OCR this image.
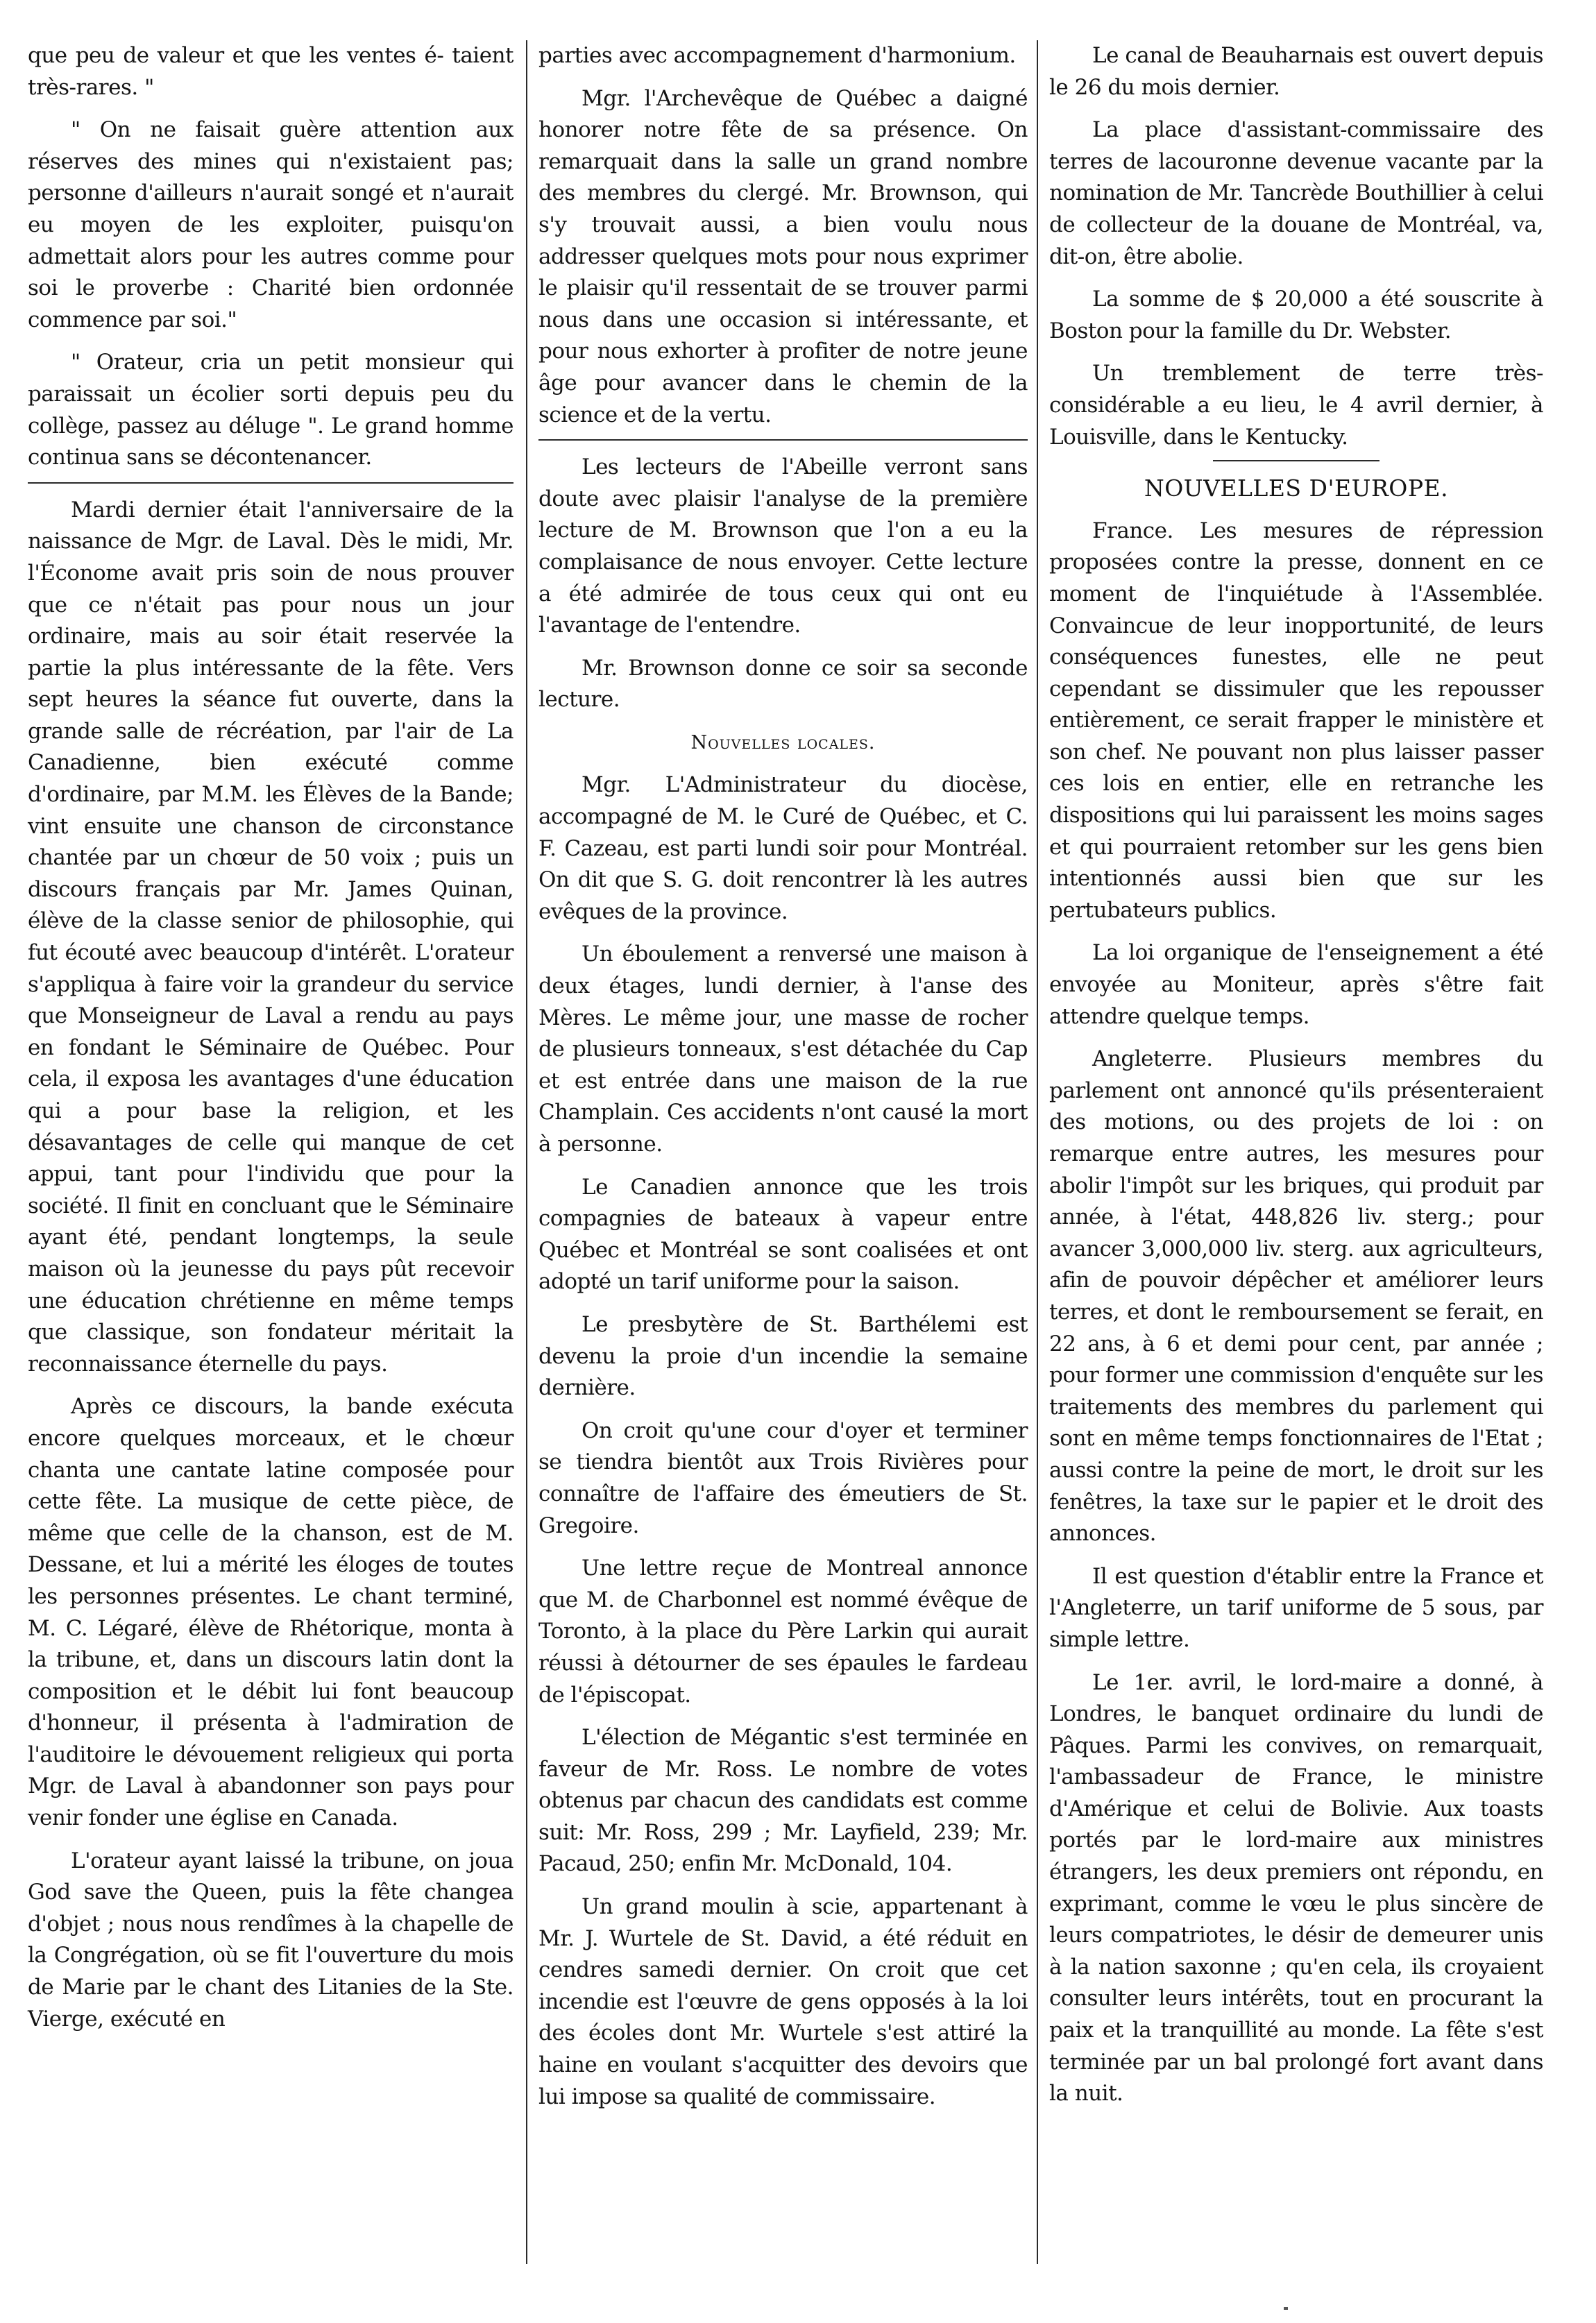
que peu de valeur et que les ventes é- taient très-rares. "

" On ne faisait guère attention aux réserves des mines qui n'existaient pas; personne d'ailleurs n'aurait songé et n'aurait eu moyen de les exploiter, puisqu'on admettait alors pour les autres comme pour soi le proverbe : Charité bien ordonnée commence par soi."

" Orateur, cria un petit monsieur qui paraissait un écolier sorti depuis peu du collège, passez au déluge ". Le grand homme continua sans se décontenancer.

Mardi dernier était l'anniversaire de la naissance de Mgr. de Laval. Dès le midi, Mr. l'Économe avait pris soin de nous prouver que ce n'était pas pour nous un jour ordinaire, mais au soir était reservée la partie la plus intéressante de la fête. Vers sept heures la séance fut ouverte, dans la grande salle de récréation, par l'air de La Canadienne, bien exécuté comme d'ordinaire, par M.M. les Élèves de la Bande; vint ensuite une chanson de circonstance chantée par un chœur de 50 voix ; puis un discours français par Mr. James Quinan, élève de la classe senior de philosophie, qui fut écouté avec beaucoup d'intérêt. L'orateur s'appliqua à faire voir la grandeur du service que Monseigneur de Laval a rendu au pays en fondant le Séminaire de Québec. Pour cela, il exposa les avantages d'une éducation qui a pour base la religion, et les désavantages de celle qui manque de cet appui, tant pour l'individu que pour la société. Il finit en concluant que le Séminaire ayant été, pendant longtemps, la seule maison où la jeunesse du pays pût recevoir une éducation chrétienne en même temps que classique, son fondateur méritait la reconnaissance éternelle du pays.

Après ce discours, la bande exécuta encore quelques morceaux, et le chœur chanta une cantate latine composée pour cette fête. La musique de cette pièce, de même que celle de la chanson, est de M. Dessane, et lui a mérité les éloges de toutes les personnes présentes. Le chant terminé, M. C. Légaré, élève de Rhétorique, monta à la tribune, et, dans un discours latin dont la composition et le débit lui font beaucoup d'honneur, il présenta à l'admiration de l'auditoire le dévouement religieux qui porta Mgr. de Laval à abandonner son pays pour venir fonder une église en Canada.

L'orateur ayant laissé la tribune, on joua God save the Queen, puis la fête changea d'objet ; nous nous rendîmes à la chapelle de la Congrégation, où se fit l'ouverture du mois de Marie par le chant des Litanies de la Ste. Vierge, exécuté en

parties avec accompagnement d'harmonium.

Mgr. l'Archevêque de Québec a daigné honorer notre fête de sa présence. On remarquait dans la salle un grand nombre des membres du clergé. Mr. Brownson, qui s'y trouvait aussi, a bien voulu nous addresser quelques mots pour nous exprimer le plaisir qu'il ressentait de se trouver parmi nous dans une occasion si intéressante, et pour nous exhorter à profiter de notre jeune âge pour avancer dans le chemin de la science et de la vertu.

Les lecteurs de l'Abeille verront sans doute avec plaisir l'analyse de la première lecture de M. Brownson que l'on a eu la complaisance de nous envoyer. Cette lecture a été admirée de tous ceux qui ont eu l'avantage de l'entendre.

Mr. Brownson donne ce soir sa seconde lecture.

Nouvelles locales.

Mgr. L'Administrateur du diocèse, accompagné de M. le Curé de Québec, et C. F. Cazeau, est parti lundi soir pour Montréal. On dit que S. G. doit rencontrer là les autres evêques de la province.

Un éboulement a renversé une maison à deux étages, lundi dernier, à l'anse des Mères. Le même jour, une masse de rocher de plusieurs tonneaux, s'est détachée du Cap et est entrée dans une maison de la rue Champlain. Ces accidents n'ont causé la mort à personne.

Le Canadien annonce que les trois compagnies de bateaux à vapeur entre Québec et Montréal se sont coalisées et ont adopté un tarif uniforme pour la saison.

Le presbytère de St. Barthélemi est devenu la proie d'un incendie la semaine dernière.

On croit qu'une cour d'oyer et terminer se tiendra bientôt aux Trois Rivières pour connaître de l'affaire des émeutiers de St. Gregoire.

Une lettre reçue de Montreal annonce que M. de Charbonnel est nommé évêque de Toronto, à la place du Père Larkin qui aurait réussi à détourner de ses épaules le fardeau de l'épiscopat.

L'élection de Mégantic s'est terminée en faveur de Mr. Ross. Le nombre de votes obtenus par chacun des candidats est comme suit: Mr. Ross, 299 ; Mr. Layfield, 239; Mr. Pacaud, 250; enfin Mr. McDonald, 104.

Un grand moulin à scie, appartenant à Mr. J. Wurtele de St. David, a été réduit en cendres samedi dernier. On croit que cet incendie est l'œuvre de gens opposés à la loi des écoles dont Mr. Wurtele s'est attiré la haine en voulant s'acquitter des devoirs que lui impose sa qualité de commissaire.

Le canal de Beauharnais est ouvert depuis le 26 du mois dernier.

La place d'assistant-commissaire des terres de lacouronne devenue vacante par la nomination de Mr. Tancrède Bouthillier à celui de collecteur de la douane de Montréal, va, dit-on, être abolie.

La somme de $ 20,000 a été souscrite à Boston pour la famille du Dr. Webster.

Un tremblement de terre très-considérable a eu lieu, le 4 avril dernier, à Louisville, dans le Kentucky.

NOUVELLES D'EUROPE.

France. Les mesures de répression proposées contre la presse, donnent en ce moment de l'inquiétude à l'Assemblée. Convaincue de leur inopportunité, de leurs conséquences funestes, elle ne peut cependant se dissimuler que les repousser entièrement, ce serait frapper le ministère et son chef. Ne pouvant non plus laisser passer ces lois en entier, elle en retranche les dispositions qui lui paraissent les moins sages et qui pourraient retomber sur les gens bien intentionnés aussi bien que sur les pertubateurs publics.

La loi organique de l'enseignement a été envoyée au Moniteur, après s'être fait attendre quelque temps.

Angleterre. Plusieurs membres du parlement ont annoncé qu'ils présenteraient des motions, ou des projets de loi : on remarque entre autres, les mesures pour abolir l'impôt sur les briques, qui produit par année, à l'état, 448,826 liv. sterg.; pour avancer 3,000,000 liv. sterg. aux agriculteurs, afin de pouvoir dépêcher et améliorer leurs terres, et dont le remboursement se ferait, en 22 ans, à 6 et demi pour cent, par année ; pour former une commission d'enquête sur les traitements des membres du parlement qui sont en même temps fonctionnaires de l'Etat ; aussi contre la peine de mort, le droit sur les fenêtres, la taxe sur le papier et le droit des annonces.

Il est question d'établir entre la France et l'Angleterre, un tarif uniforme de 5 sous, par simple lettre.

Le 1er. avril, le lord-maire a donné, à Londres, le banquet ordinaire du lundi de Pâques. Parmi les convives, on remarquait, l'ambassadeur de France, le ministre d'Amérique et celui de Bolivie. Aux toasts portés par le lord-maire aux ministres étrangers, les deux premiers ont répondu, en exprimant, comme le vœu le plus sincère de leurs compatriotes, le désir de demeurer unis à la nation saxonne ; qu'en cela, ils croyaient consulter leurs intérêts, tout en procurant la paix et la tranquillité au monde. La fête s'est terminée par un bal prolongé fort avant dans la nuit.
